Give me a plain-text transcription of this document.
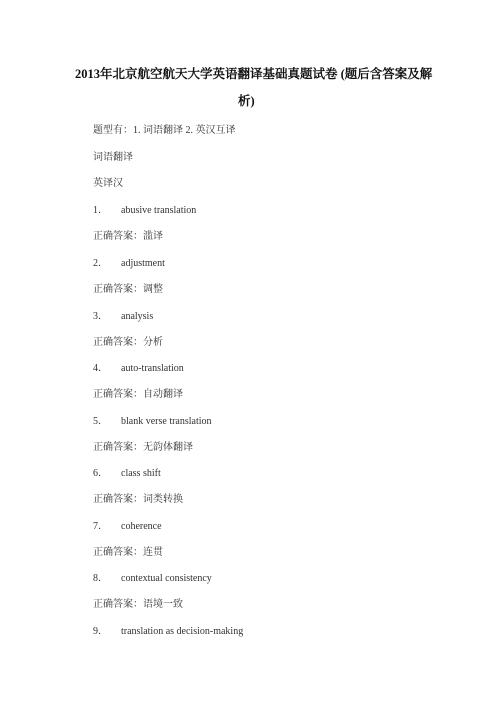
2013年北京航空航天大学英语翻译基础真题试卷 (题后含答案及解
析)
题型有：1. 词语翻译 2. 英汉互译
词语翻译
英译汉
1． abusive translation
正确答案：滥译
2． adjustment
正确答案：调整
3． analysis
正确答案：分析
4． auto-translation
正确答案：自动翻译
5． blank verse translation
正确答案：无韵体翻译
6． class shift
正确答案：词类转换
7． coherence
正确答案：连贯
8． contextual consistency
正确答案：语境一致
9． translation as decision-making
